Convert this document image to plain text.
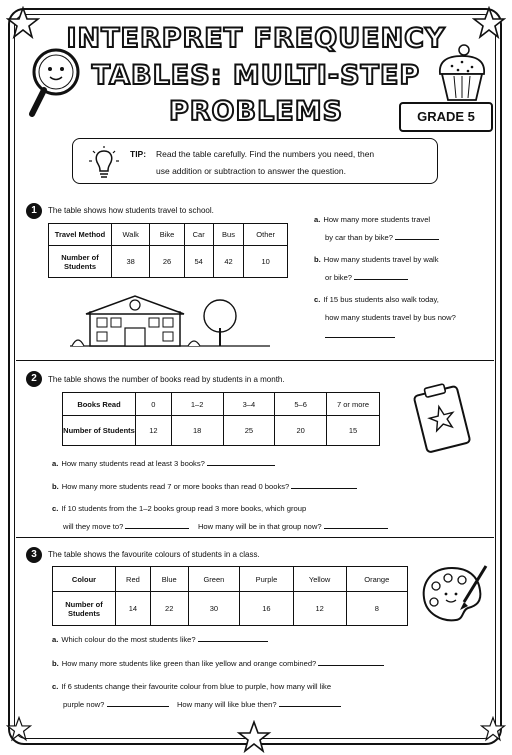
INTERPRET FREQUENCY
TABLES: MULTI-STEP
PROBLEMS	GRADE 5
TIP: Read the table carefully. Find the numbers you need, then
use addition or subtraction to answer the question.
1	The table shows how students travel to school.
Travel Method	Walk	Bike	Car	Bus	Other
Number of Students	38	26	54	42	10
a. How many more students travel
by car than by bike?
b. How many students travel by walk
or bike?
c. If 15 bus students also walk today,
how many students travel by bus now?

2	The table shows the number of books read by students in a month.
Books Read	0	1–2	3–4	5–6	7 or more
Number of Students	12	18	25	20	15
a. How many students read at least 3 books?
b. How many more students read 7 or more books than read 0 books?
c. If 10 students from the 1–2 books group read 3 more books, which group
will they move to?	How many will be in that group now?
3	The table shows the favourite colours of students in a class.
Colour	Red	Blue	Green	Purple	Yellow	Orange
Number of Students	14	22	30	16	12	8
a. Which colour do the most students like?
b. How many more students like green than like yellow and orange combined?
c. If 6 students change their favourite colour from blue to purple, how many will like
purple now?	How many will like blue then?
